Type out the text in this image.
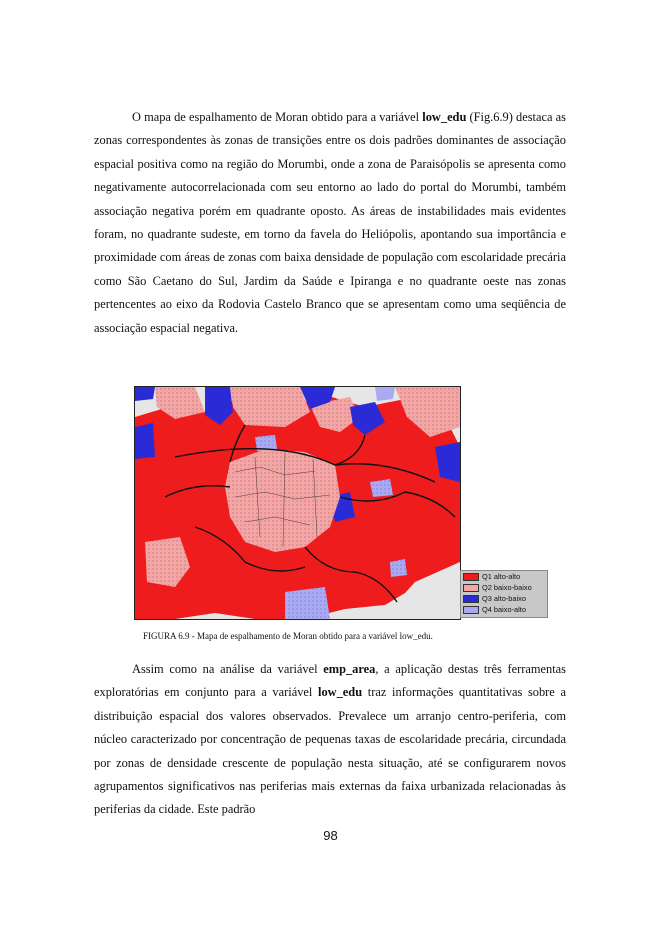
O mapa de espalhamento de Moran obtido para a variável low_edu (Fig.6.9) destaca as zonas correspondentes às zonas de transições entre os dois padrões dominantes de associação espacial positiva como na região do Morumbi, onde a zona de Paraisópolis se apresenta como negativamente autocorrelacionada com seu entorno ao lado do portal do Morumbi, também associação negativa porém em quadrante oposto. As áreas de instabilidades mais evidentes foram, no quadrante sudeste, em torno da favela do Heliópolis, apontando sua importância e proximidade com áreas de zonas com baixa densidade de população com escolaridade precária como São Caetano do Sul, Jardim da Saúde e Ipiranga e no quadrante oeste nas zonas pertencentes ao eixo da Rodovia Castelo Branco que se apresentam como uma seqüência de associação espacial negativa.

Q1 alto-alto
Q2 baixo-baixo
Q3 alto-baixo
Q4 baixo-alto
FIGURA 6.9 - Mapa de espalhamento de Moran obtido para a variável low_edu.

Assim como na análise da variável emp_area, a aplicação destas três ferramentas exploratórias em conjunto para a variável low_edu traz informações quantitativas sobre a distribuição espacial dos valores observados. Prevalece um arranjo centro-periferia, com núcleo caracterizado por concentração de pequenas taxas de escolaridade precária, circundada por zonas de densidade crescente de população nesta situação, até se configurarem novos agrupamentos significativos nas periferias mais externas da faixa urbanizada relacionadas às periferias da cidade. Este padrão

98
